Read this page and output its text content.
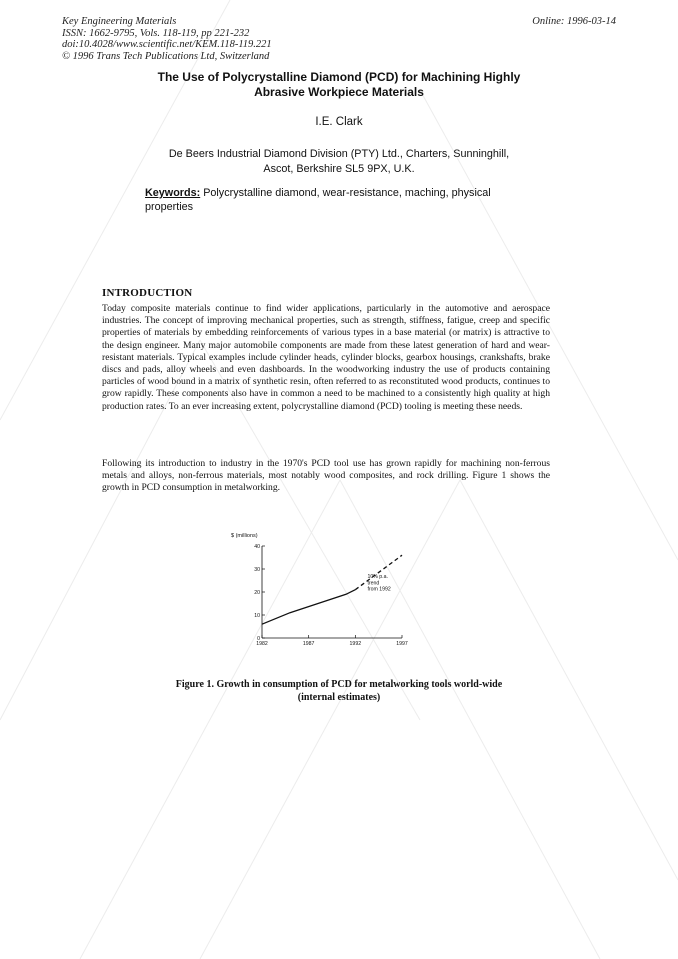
Key Engineering Materials
ISSN: 1662-9795, Vols. 118-119, pp 221-232
doi:10.4028/www.scientific.net/KEM.118-119.221
© 1996 Trans Tech Publications Ltd, Switzerland
Online: 1996-03-14
The Use of Polycrystalline Diamond (PCD) for Machining Highly
Abrasive Workpiece Materials
I.E. Clark
De Beers Industrial Diamond Division (PTY) Ltd., Charters, Sunninghill,
Ascot, Berkshire SL5 9PX, U.K.
Keywords: Polycrystalline diamond, wear-resistance, maching, physical properties
INTRODUCTION
Today composite materials continue to find wider applications, particularly in the automotive and aerospace industries. The concept of improving mechanical properties, such as strength, stiffness, fatigue, creep and specific properties of materials by embedding reinforcements of various types in a base material (or matrix) is attractive to the design engineer. Many major automobile components are made from these latest generation of hard and wear-resistant materials. Typical examples include cylinder heads, cylinder blocks, gearbox housings, crankshafts, brake discs and pads, alloy wheels and even dashboards. In the woodworking industry the use of products containing particles of wood bound in a matrix of synthetic resin, often referred to as reconstituted wood products, continues to grow rapidly. These components also have in common a need to be machined to a consistently high quality at high production rates. To an ever increasing extent, polycrystalline diamond (PCD) tooling is meeting these needs.
Following its introduction to industry in the 1970's PCD tool use has grown rapidly for machining non-ferrous metals and alloys, non-ferrous materials, most notably wood composites, and rock drilling. Figure 1 shows the growth in PCD consumption in metalworking.
$ (millions)
0
10
20
30
40
1982	1987	1992	1997
10% p.a.
trend
from 1992
Figure 1. Growth in consumption of PCD for metalworking tools world-wide
(internal estimates)
